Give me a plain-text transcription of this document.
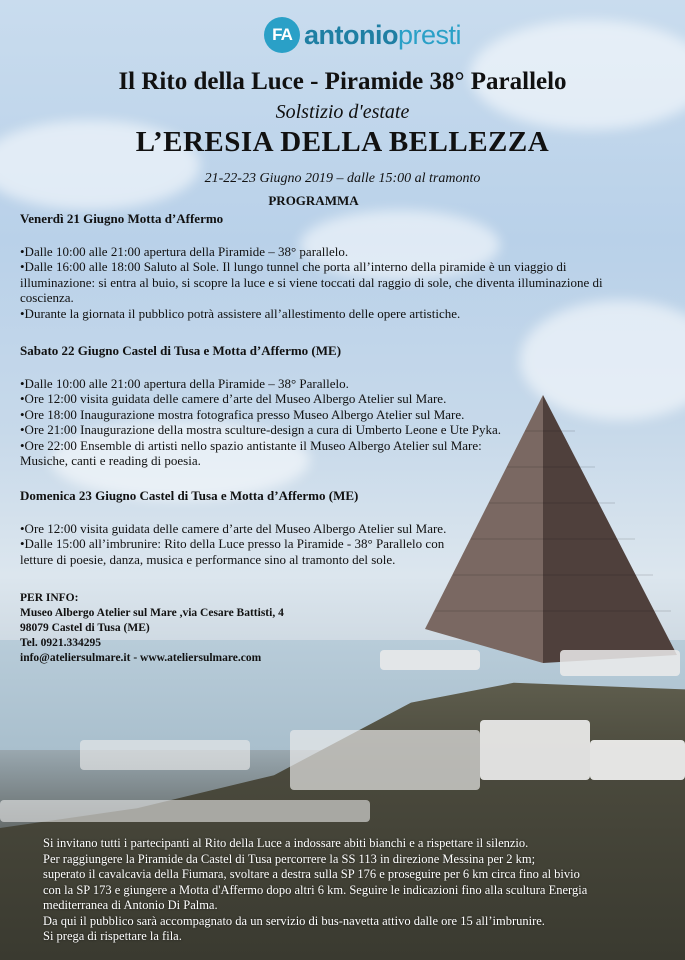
FA antoniopresti
Il Rito della Luce - Piramide 38° Parallelo
Solstizio d'estate
L’ERESIA DELLA BELLEZZA
21-22-23 Giugno 2019 – dalle 15:00 al tramonto
PROGRAMMA

Venerdì 21 Giugno Motta d’Affermo

•Dalle 10:00 alle 21:00 apertura della Piramide – 38° parallelo.

•Dalle 16:00 alle 18:00 Saluto al Sole. Il lungo tunnel che porta all’interno della piramide è un viaggio di illuminazione: si entra al buio, si scopre la luce e si viene toccati dal raggio di sole, che diventa illuminazione di coscienza.

•Durante la giornata il pubblico potrà assistere all’allestimento delle opere artistiche.

Sabato 22 Giugno Castel di Tusa e Motta d’Affermo (ME)

•Dalle 10:00 alle 21:00 apertura della Piramide – 38° Parallelo.

•Ore 12:00 visita guidata delle camere d’arte del Museo Albergo Atelier sul Mare.

•Ore 18:00 Inaugurazione mostra fotografica presso Museo Albergo Atelier sul Mare.

•Ore 21:00 Inaugurazione della mostra sculture-design a cura di Umberto Leone e Ute Pyka.

•Ore 22:00 Ensemble di artisti nello spazio antistante il Museo Albergo Atelier sul Mare: Musiche, canti e reading di poesia.

Domenica 23 Giugno Castel di Tusa e Motta d’Affermo (ME)

•Ore 12:00 visita guidata delle camere d’arte del Museo Albergo Atelier sul Mare.

•Dalle 15:00 all’imbrunire: Rito della Luce presso la Piramide - 38° Parallelo con letture di poesie, danza, musica e performance sino al tramonto del sole.

PER INFO:

Museo Albergo Atelier sul Mare ,via Cesare Battisti, 4

98079 Castel di Tusa (ME)

Tel. 0921.334295

info@ateliersulmare.it - www.ateliersulmare.com

Si invitano tutti i partecipanti al Rito della Luce a indossare abiti bianchi e a rispettare il silenzio.

Per raggiungere la Piramide da Castel di Tusa percorrere la SS 113 in direzione Messina per 2 km;

superato il cavalcavia della Fiumara, svoltare a destra sulla SP 176 e proseguire per 6 km circa fino al bivio

con la SP 173 e giungere a Motta d'Affermo dopo altri 6 km. Seguire le indicazioni fino alla scultura Energia

mediterranea di Antonio Di Palma.

Da qui il pubblico sarà accompagnato da un servizio di bus-navetta attivo dalle ore 15 all’imbrunire.

Si prega di rispettare la fila.
